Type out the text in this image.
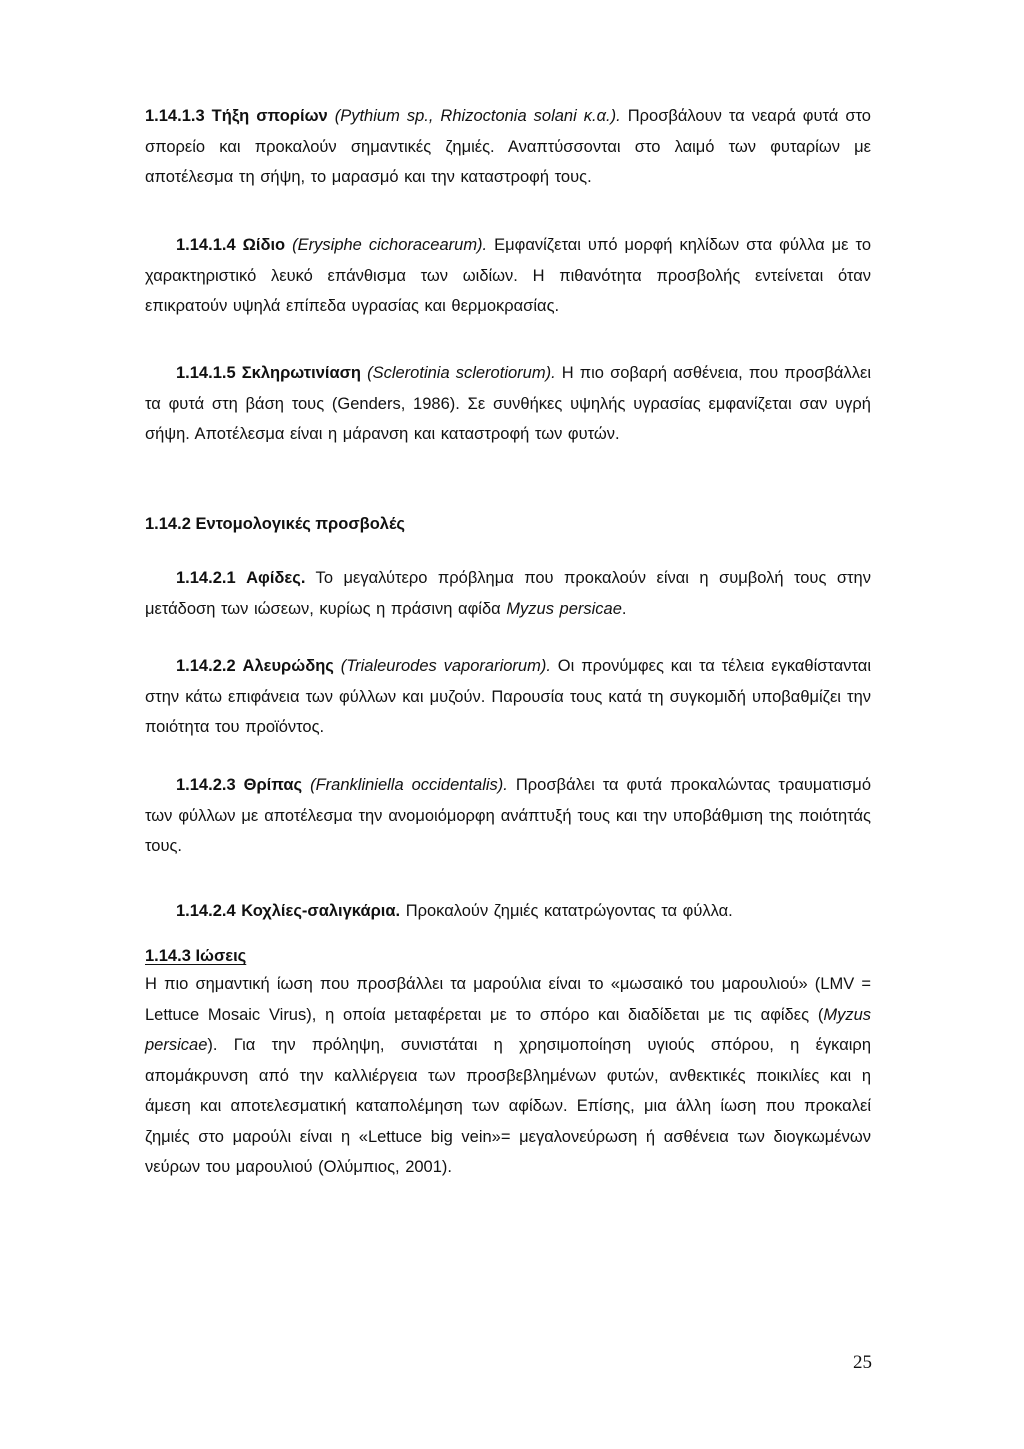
1.14.1.3 Τήξη σπορίων (Pythium sp., Rhizoctonia solani κ.α.). Προσβάλουν τα νεαρά φυτά στο σπορείο και προκαλούν σημαντικές ζημιές. Αναπτύσσονται στο λαιμό των φυταρίων με αποτέλεσμα τη σήψη, το μαρασμό και την καταστροφή τους.

1.14.1.4 Ωίδιο (Erysiphe cichoracearum). Εμφανίζεται υπό μορφή κηλίδων στα φύλλα με το χαρακτηριστικό λευκό επάνθισμα των ωιδίων. Η πιθανότητα προσβολής εντείνεται όταν επικρατούν υψηλά επίπεδα υγρασίας και θερμοκρασίας.

1.14.1.5 Σκληρωτινίαση (Sclerotinia sclerotiorum). Η πιο σοβαρή ασθένεια, που προσβάλλει τα φυτά στη βάση τους (Genders, 1986). Σε συνθήκες υψηλής υγρασίας εμφανίζεται σαν υγρή σήψη. Αποτέλεσμα είναι η μάρανση και καταστροφή των φυτών.

1.14.2 Εντομολογικές προσβολές

1.14.2.1 Αφίδες. Το μεγαλύτερο πρόβλημα που προκαλούν είναι η συμβολή τους στην μετάδοση των ιώσεων, κυρίως η πράσινη αφίδα Myzus persicae.

1.14.2.2 Αλευρώδης (Trialeurodes vaporariorum). Οι προνύμφες και τα τέλεια εγκαθίστανται στην κάτω επιφάνεια των φύλλων και μυζούν. Παρουσία τους κατά τη συγκομιδή υποβαθμίζει την ποιότητα του προϊόντος.

1.14.2.3 Θρίπας (Frankliniella occidentalis). Προσβάλει τα φυτά προκαλώντας τραυματισμό των φύλλων με αποτέλεσμα την ανομοιόμορφη ανάπτυξή τους και την υποβάθμιση της ποιότητάς τους.

1.14.2.4 Κοχλίες-σαλιγκάρια. Προκαλούν ζημιές κατατρώγοντας τα φύλλα.

1.14.3 Ιώσεις

Η πιο σημαντική ίωση που προσβάλλει τα μαρούλια είναι το «μωσαικό του μαρουλιού» (LMV = Lettuce Mosaic Virus), η οποία μεταφέρεται με το σπόρο και διαδίδεται με τις αφίδες (Myzus persicae). Για την πρόληψη, συνιστάται η χρησιμοποίηση υγιούς σπόρου, η έγκαιρη απομάκρυνση από την καλλιέργεια των προσβεβλημένων φυτών, ανθεκτικές ποικιλίες και η άμεση και αποτελεσματική καταπολέμηση των αφίδων. Επίσης, μια άλλη ίωση που προκαλεί ζημιές στο μαρούλι είναι η «Lettuce big vein»= μεγαλονεύρωση ή ασθένεια των διογκωμένων νεύρων του μαρουλιού (Ολύμπιος, 2001).

25
